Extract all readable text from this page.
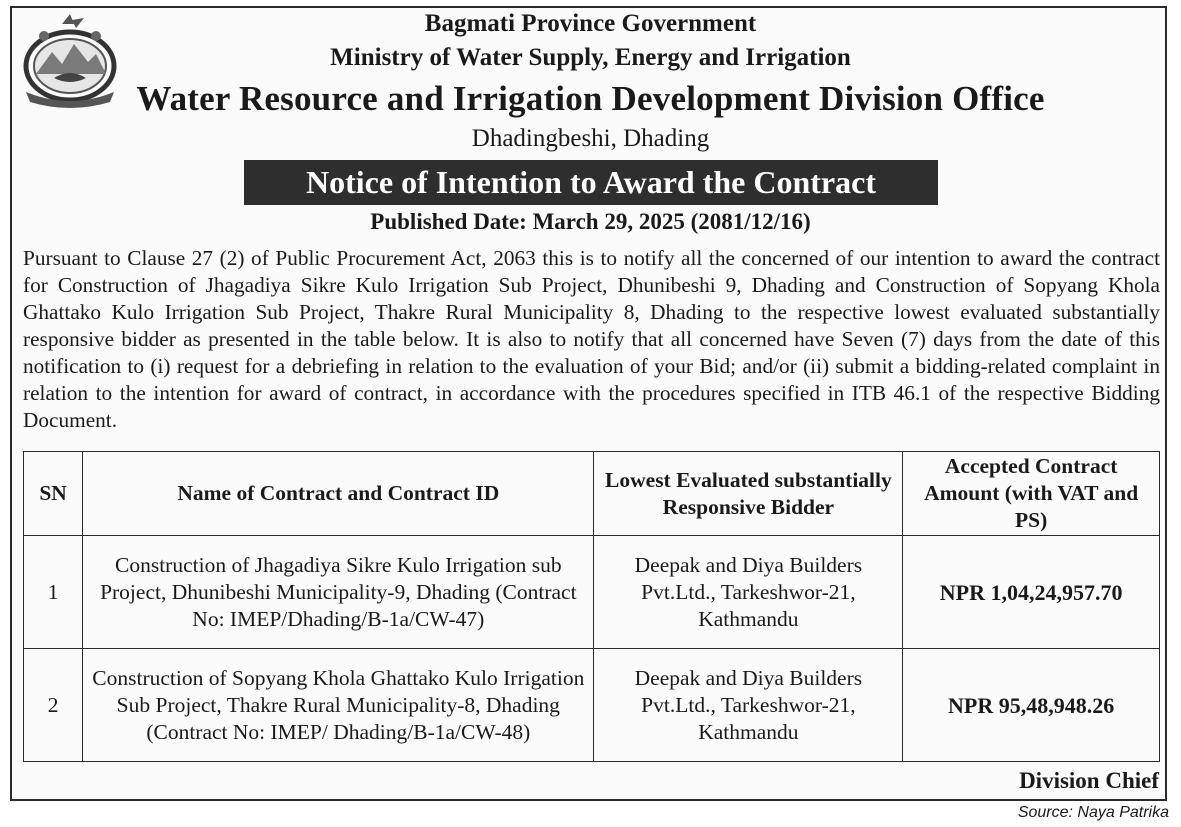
Bagmati Province Government
Ministry of Water Supply, Energy and Irrigation
Water Resource and Irrigation Development Division Office
Dhadingbeshi, Dhading
Notice of Intention to Award the Contract
Published Date: March 29, 2025 (2081/12/16)
Pursuant to Clause 27 (2) of Public Procurement Act, 2063 this is to notify all the concerned of our intention to award the contract for Construction of Jhagadiya Sikre Kulo Irrigation Sub Project, Dhunibeshi 9, Dhading and Construction of Sopyang Khola Ghattako Kulo Irrigation Sub Project, Thakre Rural Municipality 8, Dhading to the respective lowest evaluated substantially responsive bidder as presented in the table below. It is also to notify that all concerned have Seven (7) days from the date of this notification to (i) request for a debriefing in relation to the evaluation of your Bid; and/or (ii) submit a bidding-related complaint in relation to the intention for award of contract, in accordance with the procedures specified in ITB 46.1 of the respective Bidding Document.
SN	Name of Contract and Contract ID	Lowest Evaluated substantially Responsive Bidder	Accepted Contract Amount (with VAT and PS)
1	Construction of Jhagadiya Sikre Kulo Irrigation sub Project, Dhunibeshi Municipality-9, Dhading (Contract No: IMEP/Dhading/B-1a/CW-47)	Deepak and Diya Builders Pvt.Ltd., Tarkeshwor-21, Kathmandu	NPR 1,04,24,957.70
2	Construction of Sopyang Khola Ghattako Kulo Irrigation Sub Project, Thakre Rural Municipality-8, Dhading (Contract No: IMEP/ Dhading/B-1a/CW-48)	Deepak and Diya Builders Pvt.Ltd., Tarkeshwor-21, Kathmandu	NPR 95,48,948.26
Division Chief
Source: Naya Patrika
